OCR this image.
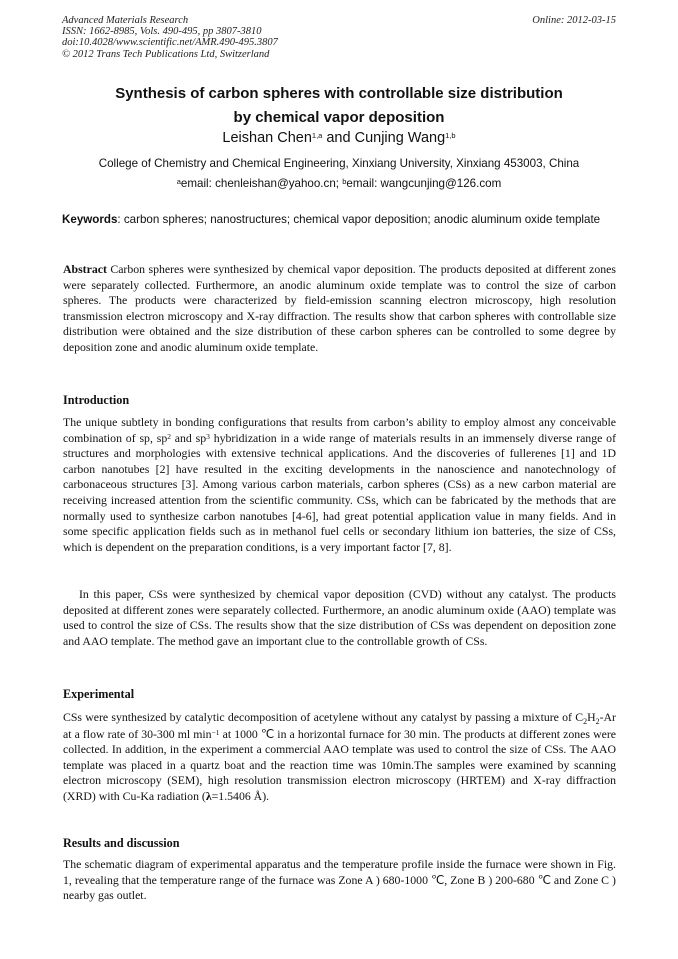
Advanced Materials Research
ISSN: 1662-8985, Vols. 490-495, pp 3807-3810
doi:10.4028/www.scientific.net/AMR.490-495.3807
© 2012 Trans Tech Publications Ltd, Switzerland
Online: 2012-03-15
Synthesis of carbon spheres with controllable size distribution
by chemical vapor deposition
Leishan Chen$^{1,a}$ and Cunjing Wang$^{1,b}$
College of Chemistry and Chemical Engineering, Xinxiang University, Xinxiang 453003, China
$^a$email: chenleishan@yahoo.cn; $^b$email: wangcunjing@126.com
Keywords: carbon spheres; nanostructures; chemical vapor deposition; anodic aluminum oxide template
Abstract Carbon spheres were synthesized by chemical vapor deposition. The products deposited at different zones were separately collected. Furthermore, an anodic aluminum oxide template was to control the size of carbon spheres. The products were characterized by field-emission scanning electron microscopy, high resolution transmission electron microscopy and X-ray diffraction. The results show that carbon spheres with controllable size distribution were obtained and the size distribution of these carbon spheres can be controlled to some degree by deposition zone and anodic aluminum oxide template.
Introduction
The unique subtlety in bonding configurations that results from carbon’s ability to employ almost any conceivable combination of sp, $sp^2$ and $sp^3$ hybridization in a wide range of materials results in an immensely diverse range of structures and morphologies with extensive technical applications. And the discoveries of fullerenes [1] and 1D carbon nanotubes [2] have resulted in the exciting developments in the nanoscience and nanotechnology of carbonaceous structures [3]. Among various carbon materials, carbon spheres (CSs) as a new carbon material are receiving increased attention from the scientific community. CSs, which can be fabricated by the methods that are normally used to synthesize carbon nanotubes [4-6], had great potential application value in many fields. And in some specific application fields such as in methanol fuel cells or secondary lithium ion batteries, the size of CSs, which is dependent on the preparation conditions, is a very important factor [7, 8].
In this paper, CSs were synthesized by chemical vapor deposition (CVD) without any catalyst. The products deposited at different zones were separately collected. Furthermore, an anodic aluminum oxide (AAO) template was used to control the size of CSs. The results show that the size distribution of CSs was dependent on deposition zone and AAO template. The method gave an important clue to the controllable growth of CSs.
Experimental
CSs were synthesized by catalytic decomposition of acetylene without any catalyst by passing a mixture of $C_2H_2-Ar$ at a flow rate of 30-300 ml $\min^{-1}$ at 1000 ℃ in a horizontal furnace for 30 min. The products at different zones were collected. In addition, in the experiment a commercial AAO template was used to control the size of CSs. The AAO template was placed in a quartz boat and the reaction time was 10min.The samples were examined by scanning electron microscopy (SEM), high resolution transmission electron microscopy (HRTEM) and X-ray diffraction (XRD) with Cu-Ka radiation (λ=1.5406 Å).
Results and discussion
The schematic diagram of experimental apparatus and the temperature profile inside the furnace were shown in Fig. 1, revealing that the temperature range of the furnace was Zone A ) 680-1000 ℃, Zone B ) 200-680 ℃ and Zone C ) nearby gas outlet.
